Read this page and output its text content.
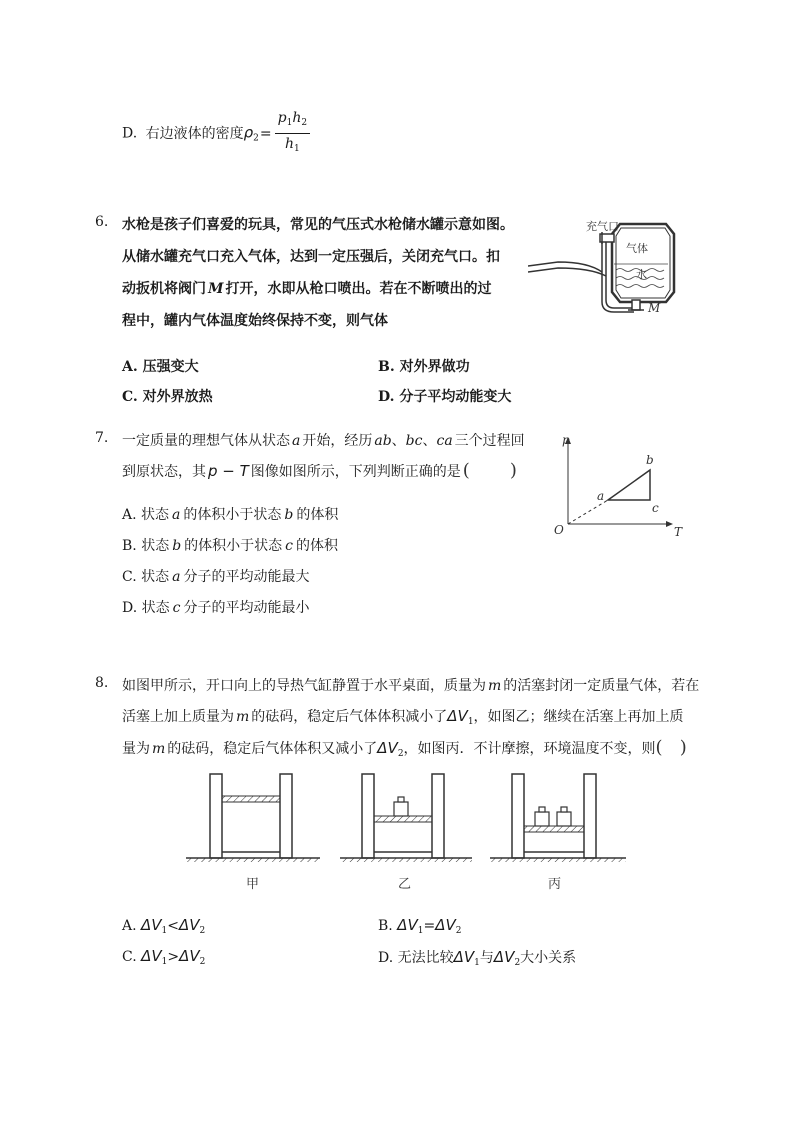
D. 右边液体的密度$\rho_2= \frac{p_1h_2}{h_1}$
6. 水枪是孩子们喜爱的玩具，常见的气压式水枪储水罐示意如图。
从储水罐充气口充入气体，达到一定压强后，关闭充气口。扣
动扳机将阀门 M 打开，水即从枪口喷出。若在不断喷出的过
程中，罐内气体温度始终保持不变，则气体
充气口
气体
水
M
A. 压强变大	B. 对外界做功
C. 对外界放热	D. 分子平均动能变大
7. 一定质量的理想气体从状态 a 开始，经历 ab、bc、ca 三个过程回
到原状态，其 p − T 图像如图所示，下列判断正确的是 (       )
A. 状态 a 的体积小于状态 b 的体积
B. 状态 b 的体积小于状态 c 的体积
C. 状态 a 分子的平均动能最大
D. 状态 c 分子的平均动能最小
p
T
O
a
b
c
8. 如图甲所示，开口向上的导热气缸静置于水平桌面，质量为 m 的活塞封闭一定质量气体，若在
活塞上加上质量为 m 的砝码，稳定后气体体积减小了$\Delta V_1$，如图乙；继续在活塞上再加上质
量为 m 的砝码，稳定后气体体积又减小了$\Delta V_2$，如图丙．不计摩擦，环境温度不变，则(   )
甲	乙	丙
A. $\Delta V_1<\Delta V_2$	B. $\Delta V_1=\Delta V_2$
C. $\Delta V_1>\Delta V_2$	D. 无法比较$\Delta V_1$与$\Delta V_2$大小关系
